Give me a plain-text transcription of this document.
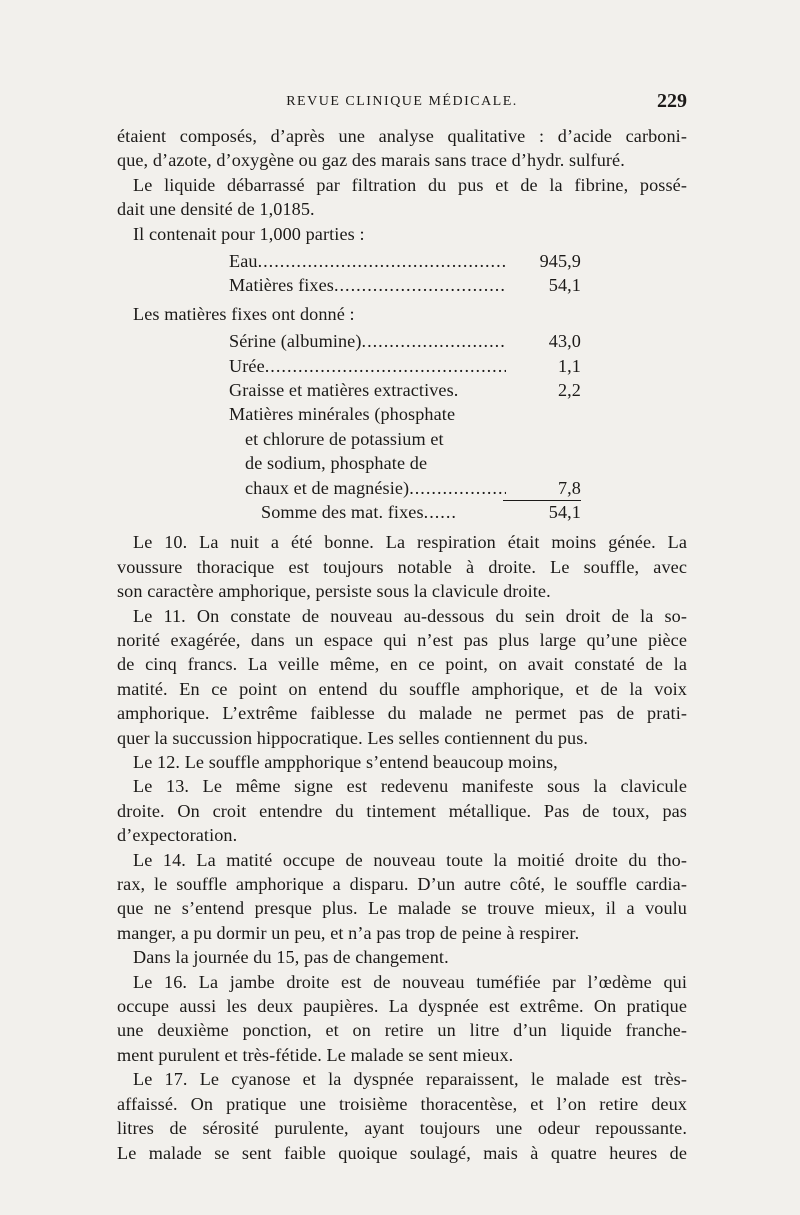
REVUE CLINIQUE MÉDICALE.	229

étaient composés, d’après une analyse qualitative : d’acide carboni-

que, d’azote, d’oxygène ou gaz des marais sans trace d’hydr. sulfuré.

Le liquide débarrassé par filtration du pus et de la fibrine, possé-

dait une densité de 1,0185.

Il contenait pour 1,000 parties :

Eau .....	945,9
Matières fixes .....	54,1

Les matières fixes ont donné :

Sérine (albumine) .....	43,0
Urée .....	1,1
Graisse et matières extractives.	2,2
Matières minérales (phosphate
et chlorure de potassium et
de sodium, phosphate de
chaux et de magnésie) .....	7,8
Somme des mat. fixes .....	54,1

Le 10. La nuit a été bonne. La respiration était moins génée. La

voussure thoracique est toujours notable à droite. Le souffle, avec

son caractère amphorique, persiste sous la clavicule droite.

Le 11. On constate de nouveau au-dessous du sein droit de la so-

norité exagérée, dans un espace qui n’est pas plus large qu’une pièce

de cinq francs. La veille même, en ce point, on avait constaté de la

matité. En ce point on entend du souffle amphorique, et de la voix

amphorique. L’extrême faiblesse du malade ne permet pas de prati-

quer la succussion hippocratique. Les selles contiennent du pus.

Le 12. Le souffle ampphorique s’entend beaucoup moins,

Le 13. Le même signe est redevenu manifeste sous la clavicule

droite. On croit entendre du tintement métallique. Pas de toux, pas

d’expectoration.

Le 14. La matité occupe de nouveau toute la moitié droite du tho-

rax, le souffle amphorique a disparu. D’un autre côté, le souffle cardia-

que ne s’entend presque plus. Le malade se trouve mieux, il a voulu

manger, a pu dormir un peu, et n’a pas trop de peine à respirer.

Dans la journée du 15, pas de changement.

Le 16. La jambe droite est de nouveau tuméfiée par l’œdème qui

occupe aussi les deux paupières. La dyspnée est extrême. On pratique

une deuxième ponction, et on retire un litre d’un liquide franche-

ment purulent et très-fétide. Le malade se sent mieux.

Le 17. Le cyanose et la dyspnée reparaissent, le malade est très-

affaissé. On pratique une troisième thoracentèse, et l’on retire deux

litres de sérosité purulente, ayant toujours une odeur repoussante.

Le malade se sent faible quoique soulagé, mais à quatre heures de
